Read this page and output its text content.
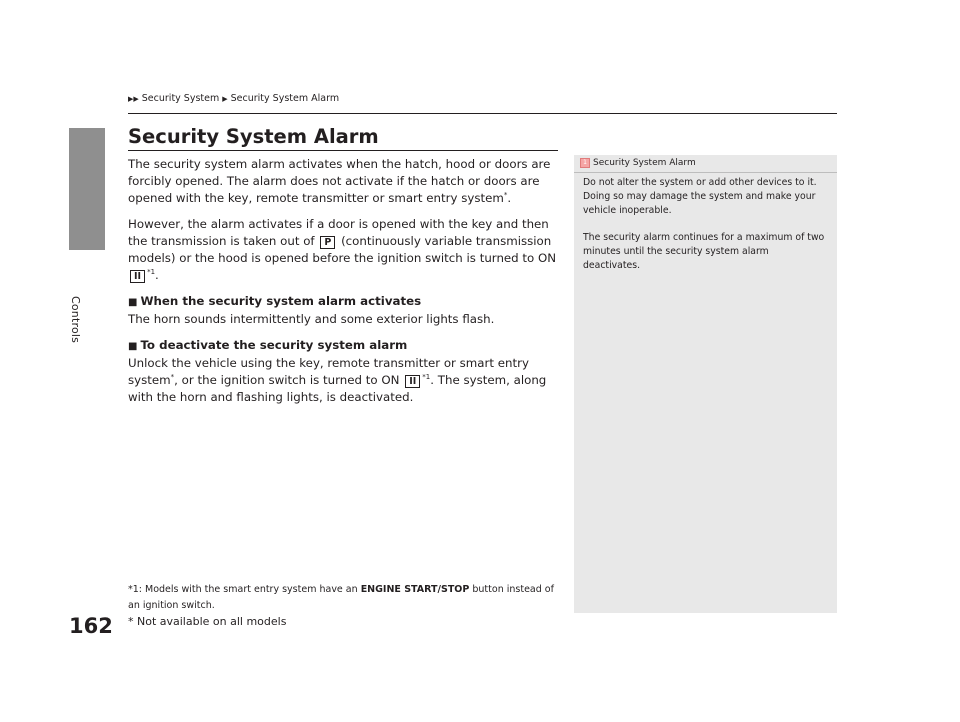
Controls
162
▶▶ Security System ▶ Security System Alarm
Security System Alarm

The security system alarm activates when the hatch, hood or doors are forcibly opened. The alarm does not activate if the hatch or doors are opened with the key, remote transmitter or smart entry system*.

However, the alarm activates if a door is opened with the key and then the transmission is taken out of P (continuously variable transmission models) or the hood is opened before the ignition switch is turned to ON II $^{*1}$.

■ When the security system alarm activates

The horn sounds intermittently and some exterior lights flash.

■ To deactivate the security system alarm

Unlock the vehicle using the key, remote transmitter or smart entry system*, or the ignition switch is turned to ON II $^{*1}$. The system, along with the horn and flashing lights, is deactivated.

*1: Models with the smart entry system have an ENGINE START/STOP button instead of an ignition switch.
* Not available on all models
1 Security System Alarm

Do not alter the system or add other devices to it. Doing so may damage the system and make your vehicle inoperable.

The security alarm continues for a maximum of two minutes until the security system alarm deactivates.
